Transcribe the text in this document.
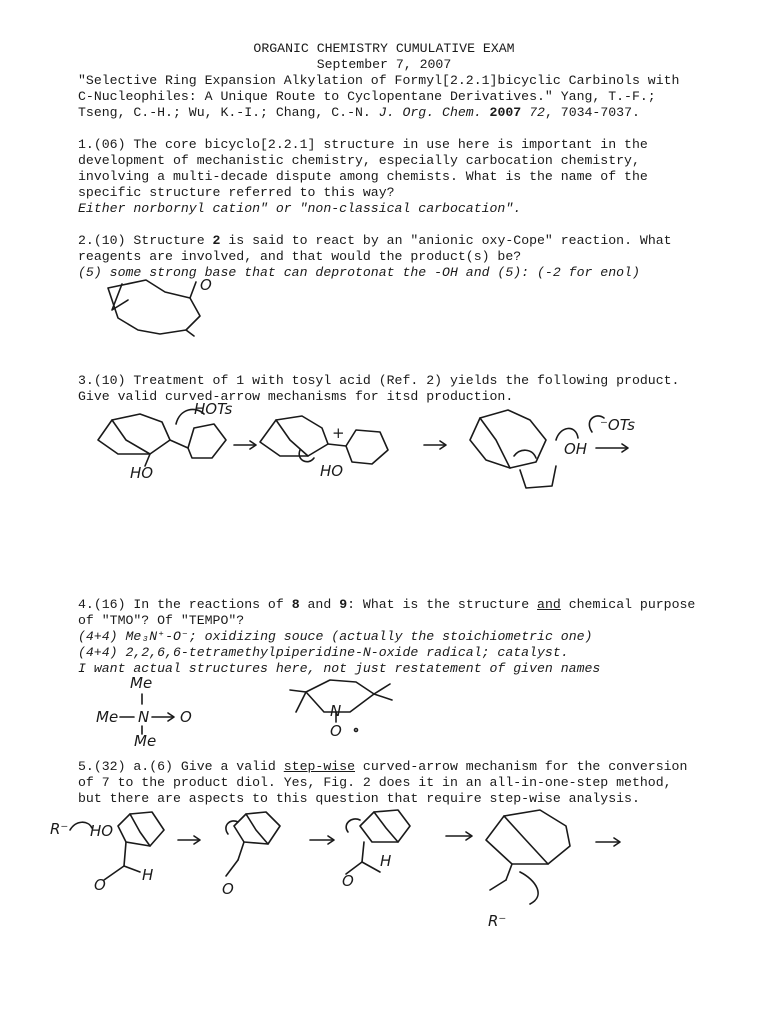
ORGANIC CHEMISTRY CUMULATIVE EXAM
September 7, 2007
"Selective Ring Expansion Alkylation of Formyl[2.2.1]bicyclic Carbinols with
C-Nucleophiles: A Unique Route to Cyclopentane Derivatives." Yang, T.-F.;
Tseng, C.-H.; Wu, K.-I.; Chang, C.-N. J. Org. Chem. 2007 72, 7034-7037.
1.(06) The core bicyclo[2.2.1] structure in use here is important in the
development of mechanistic chemistry, especially carbocation chemistry,
involving a multi-decade dispute among chemists. What is the name of the
specific structure referred to this way?
Either norbornyl cation" or "non-classical carbocation".
2.(10) Structure 2 is said to react by an "anionic oxy-Cope" reaction. What
reagents are involved, and that would the product(s) be?
(5) some strong base that can deprotonat the -OH and (5): (-2 for enol)
3.(10) Treatment of 1 with tosyl acid (Ref. 2) yields the following product.
Give valid curved-arrow mechanisms for itsd production.
4.(16) In the reactions of 8 and 9: What is the structure and chemical purpose
of "TMO"? Of "TEMPO"?
(4+4) Me₃N⁺-O⁻; oxidizing souce (actually the stoichiometric one)
(4+4) 2,2,6,6-tetramethylpiperidine-N-oxide radical; catalyst.
I want actual structures here, not just restatement of given names
5.(32) a.(6) Give a valid step-wise curved-arrow mechanism for the conversion
of 7 to the product diol. Yes, Fig. 2 does it in an all-in-one-step method,
but there are aspects to this question that require step-wise analysis.
O
HOTs
HO
+
HO
OH
⁻OTs
Me
Me N O
Me
N
O
R⁻ HO
O
H
O	O
H
R⁻
